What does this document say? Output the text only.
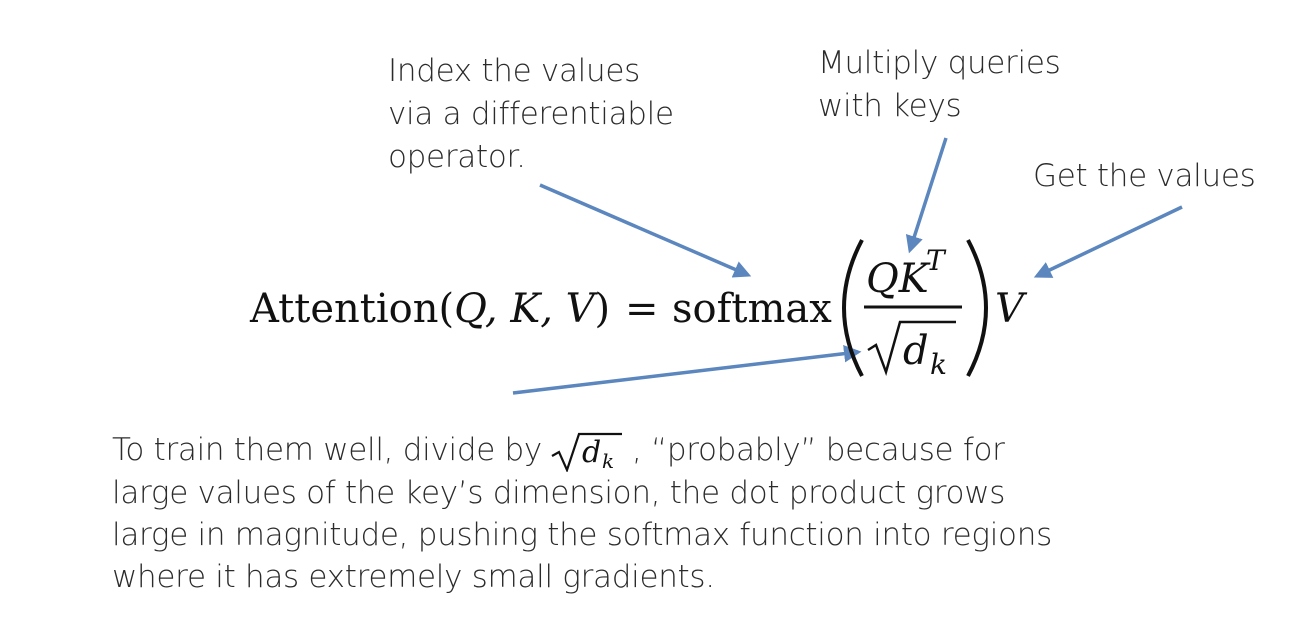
Attention(Q, K, V) = softmax
QK
T
d k
V
Index the values
via a differentiable
operator.
Multiply queries
with keys
Get the values
To train them well, divide by d k , “probably” because for
large values of the key’s dimension, the dot product grows
large in magnitude, pushing the softmax function into regions
where it has extremely small gradients.
